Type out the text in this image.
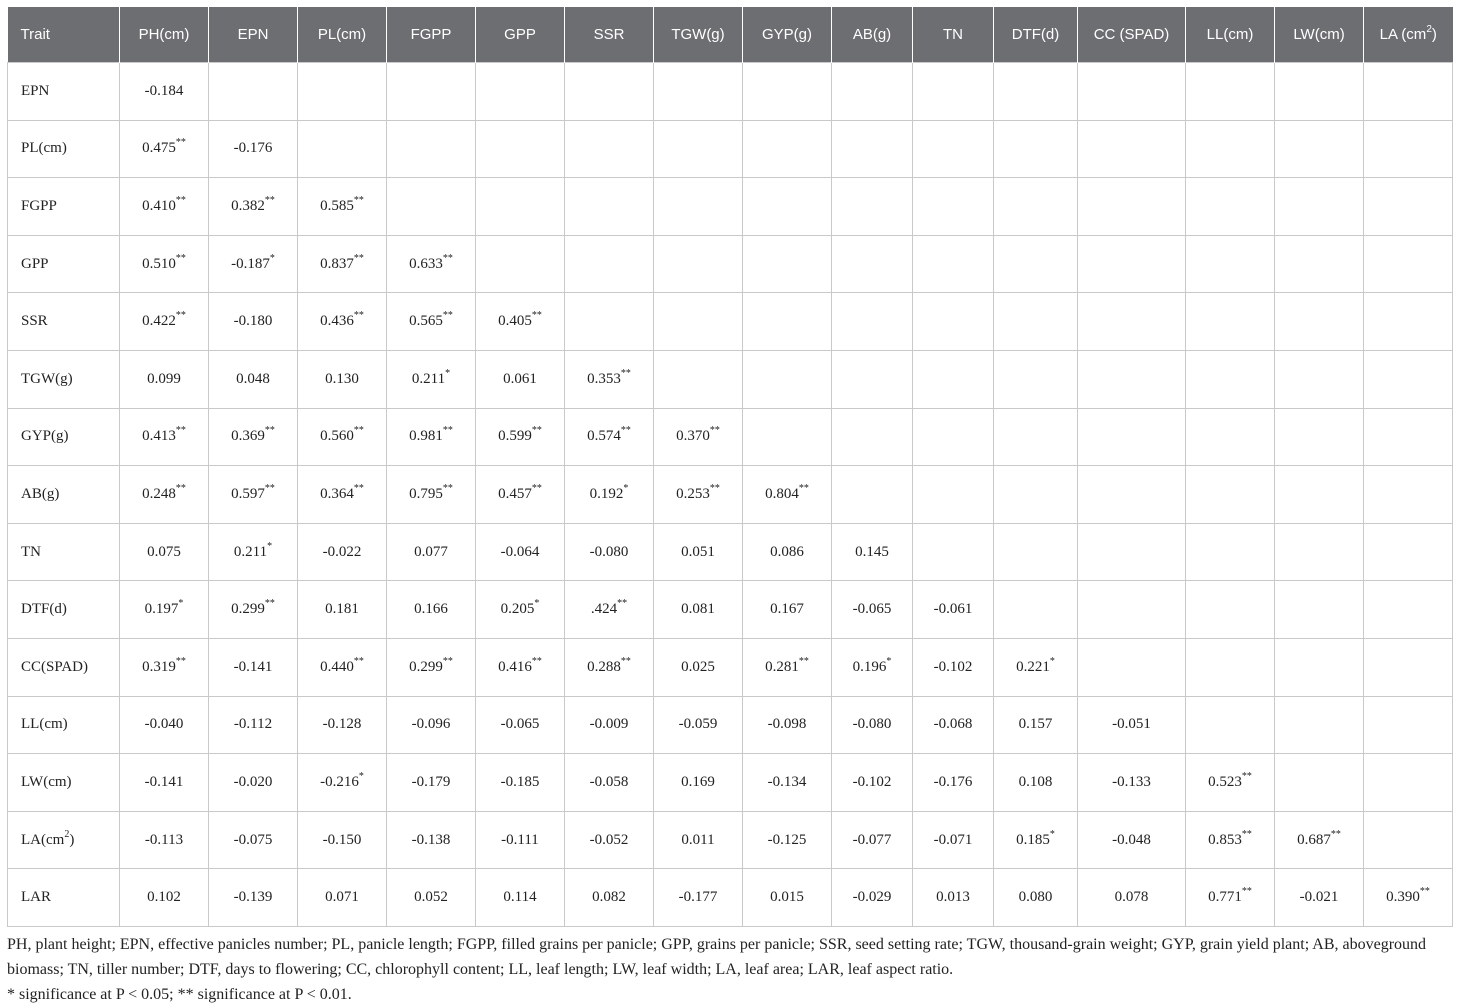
Trait	PH(cm)	EPN	PL(cm)	FGPP	GPP	SSR	TGW(g)	GYP(g)	AB(g)	TN	DTF(d)	CC (SPAD)	LL(cm)	LW(cm)	LA $(cm^2)$
EPN	-0.184														
PL(cm)	0.475**	-0.176													
FGPP	0.410**	0.382**	0.585**												
GPP	0.510**	-0.187*	0.837**	0.633**											
SSR	0.422**	-0.180	0.436**	0.565**	0.405**										
TGW(g)	0.099	0.048	0.130	0.211*	0.061	0.353**									
GYP(g)	0.413**	0.369**	0.560**	0.981**	0.599**	0.574**	0.370**								
AB(g)	0.248**	0.597**	0.364**	0.795**	0.457**	0.192*	0.253**	0.804**							
TN	0.075	0.211*	-0.022	0.077	-0.064	-0.080	0.051	0.086	0.145						
DTF(d)	0.197*	0.299**	0.181	0.166	0.205*	.424**	0.081	0.167	-0.065	-0.061					
CC(SPAD)	0.319**	-0.141	0.440**	0.299**	0.416**	0.288**	0.025	0.281**	0.196*	-0.102	0.221*				
LL(cm)	-0.040	-0.112	-0.128	-0.096	-0.065	-0.009	-0.059	-0.098	-0.080	-0.068	0.157	-0.051			
LW(cm)	-0.141	-0.020	-0.216*	-0.179	-0.185	-0.058	0.169	-0.134	-0.102	-0.176	0.108	-0.133	0.523**		
$LA(cm^2)$	-0.113	-0.075	-0.150	-0.138	-0.111	-0.052	0.011	-0.125	-0.077	-0.071	0.185*	-0.048	0.853**	0.687**	
LAR	0.102	-0.139	0.071	0.052	0.114	0.082	-0.177	0.015	-0.029	0.013	0.080	0.078	0.771**	-0.021	0.390**

PH, plant height; EPN, effective panicles number; PL, panicle length; FGPP, filled grains per panicle; GPP, grains per panicle; SSR, seed setting rate; TGW, thousand-grain weight; GYP, grain yield plant; AB, aboveground biomass; TN, tiller number; DTF, days to flowering; CC, chlorophyll content; LL, leaf length; LW, leaf width; LA, leaf area; LAR, leaf aspect ratio.

* significance at P < 0.05; ** significance at P < 0.01.
